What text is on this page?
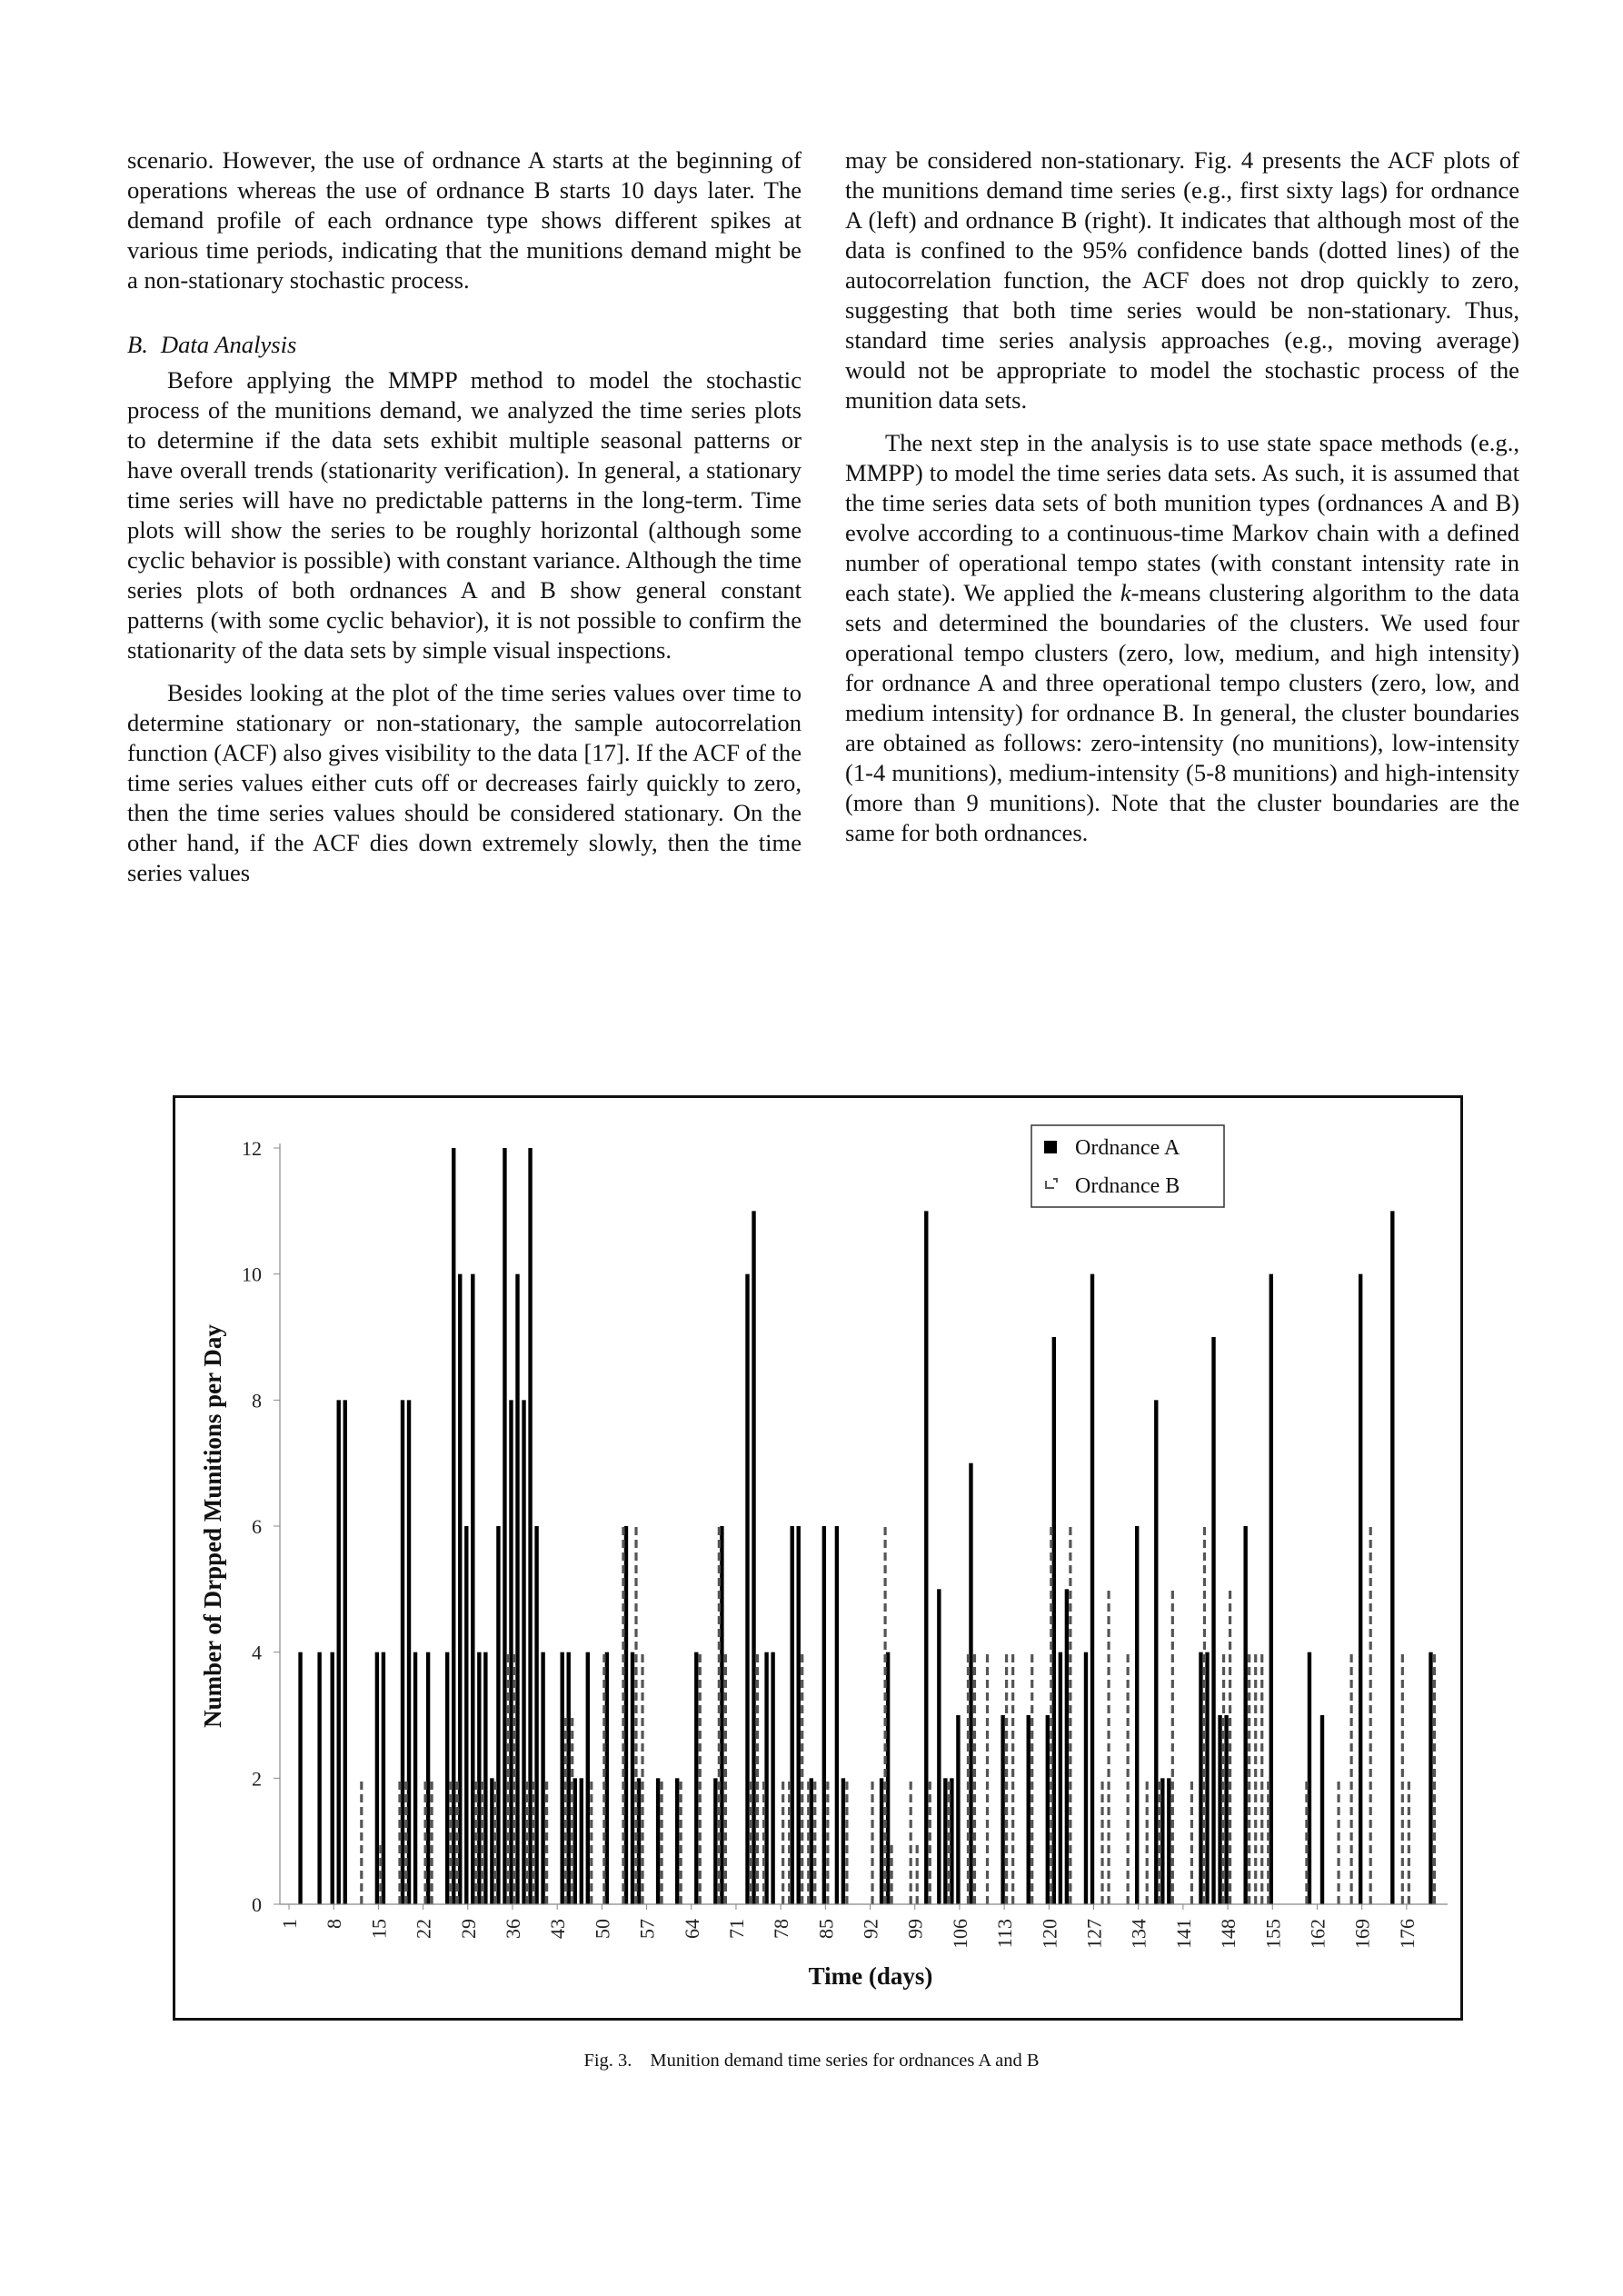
scenario. However, the use of ordnance A starts at the beginning of operations whereas the use of ordnance B starts 10 days later. The demand profile of each ordnance type shows different spikes at various time periods, indicating that the munitions demand might be a non-stationary stochastic process.

B. Data Analysis

Before applying the MMPP method to model the stochastic process of the munitions demand, we analyzed the time series plots to determine if the data sets exhibit multiple seasonal patterns or have overall trends (stationarity verification). In general, a stationary time series will have no predictable patterns in the long-term. Time plots will show the series to be roughly horizontal (although some cyclic behavior is possible) with constant variance. Although the time series plots of both ordnances A and B show general constant patterns (with some cyclic behavior), it is not possible to confirm the stationarity of the data sets by simple visual inspections.

Besides looking at the plot of the time series values over time to determine stationary or non-stationary, the sample autocorrelation function (ACF) also gives visibility to the data [17]. If the ACF of the time series values either cuts off or decreases fairly quickly to zero, then the time series values should be considered stationary. On the other hand, if the ACF dies down extremely slowly, then the time series values

may be considered non-stationary. Fig. 4 presents the ACF plots of the munitions demand time series (e.g., first sixty lags) for ordnance A (left) and ordnance B (right). It indicates that although most of the data is confined to the 95% confidence bands (dotted lines) of the autocorrelation function, the ACF does not drop quickly to zero, suggesting that both time series would be non-stationary. Thus, standard time series analysis approaches (e.g., moving average) would not be appropriate to model the stochastic process of the munition data sets.

The next step in the analysis is to use state space methods (e.g., MMPP) to model the time series data sets. As such, it is assumed that the time series data sets of both munition types (ordnances A and B) evolve according to a continuous-time Markov chain with a defined number of operational tempo states (with constant intensity rate in each state). We applied the k-means clustering algorithm to the data sets and determined the boundaries of the clusters. We used four operational tempo clusters (zero, low, medium, and high intensity) for ordnance A and three operational tempo clusters (zero, low, and medium intensity) for ordnance B. In general, the cluster boundaries are obtained as follows: zero-intensity (no munitions), low-intensity (1-4 munitions), medium-intensity (5-8 munitions) and high-intensity (more than 9 munitions). Note that the cluster boundaries are the same for both ordnances.

0
2
4
6
8
10
12
1 8 15 22 29 36 43 50 57 64 71 78 85 92 99 106 113 120 127 134 141 148 155 162 169 176
Time (days)
Number of Drpped Munitions per Day
Ordnance A
Ordnance B
Fig. 3. Munition demand time series for ordnances A and B
